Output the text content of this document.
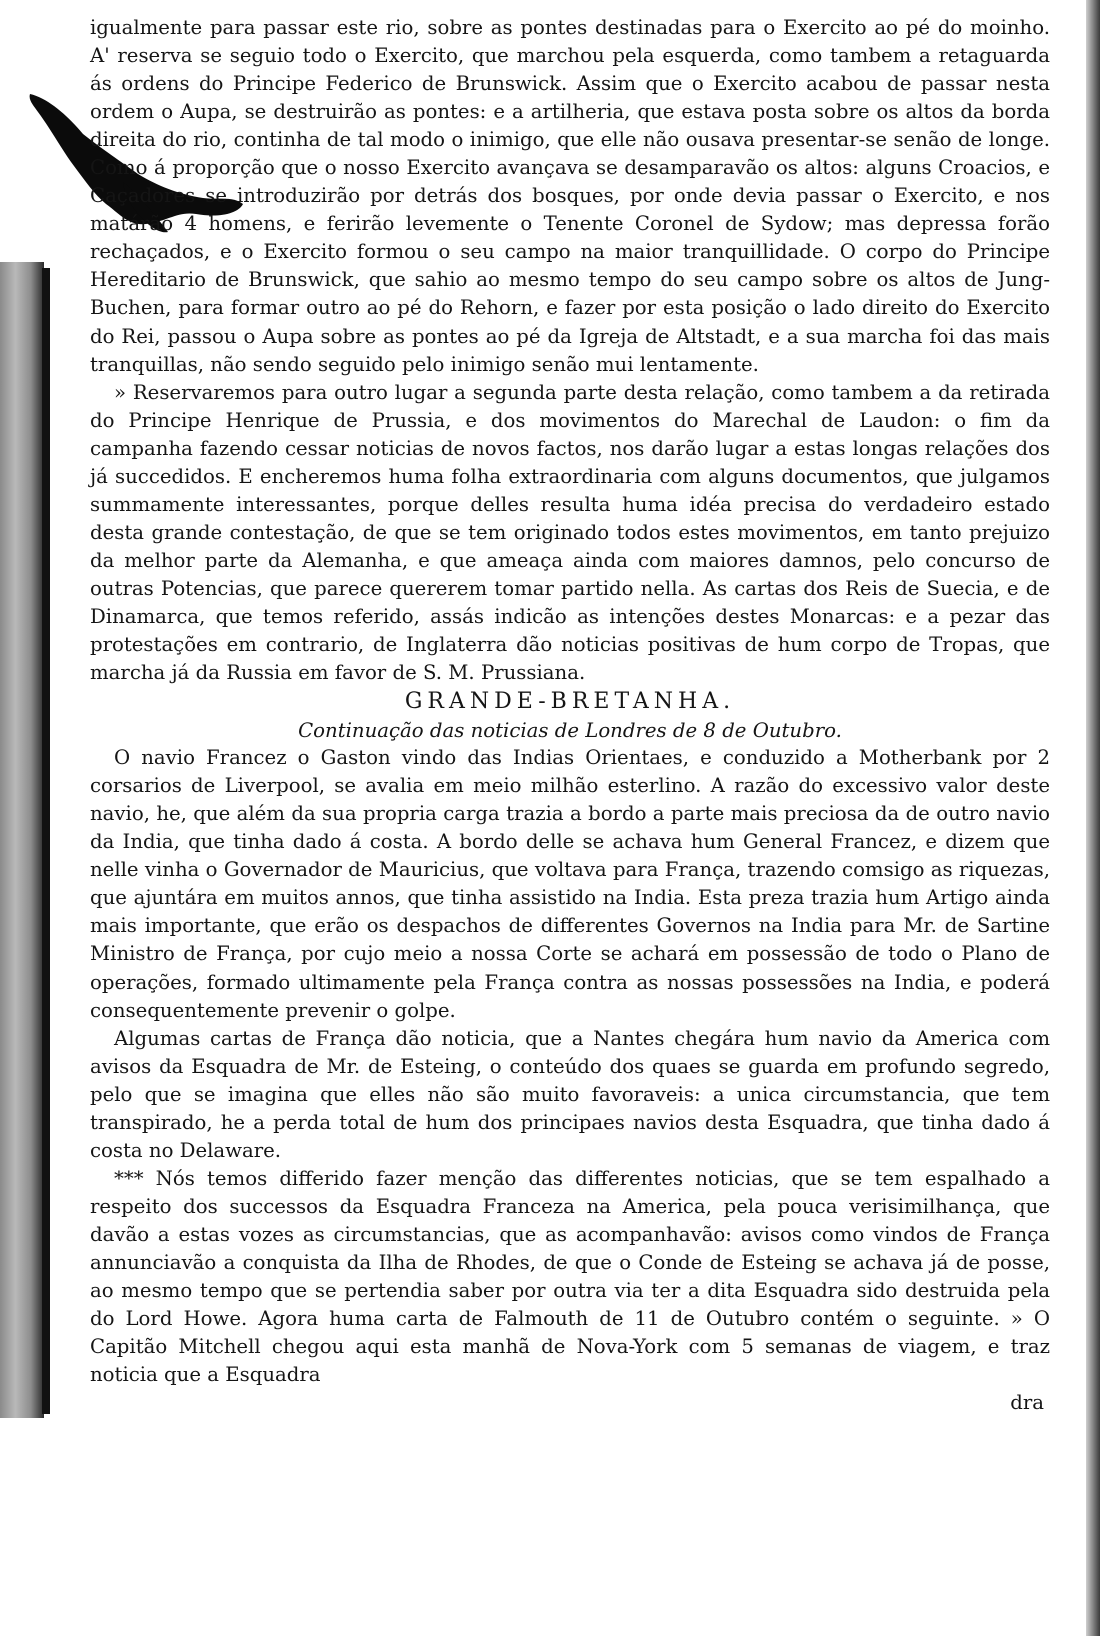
igualmente para passar este rio, sobre as pontes destinadas para o Exercito ao pé do moinho. A' reserva se seguio todo o Exercito, que marchou pela esquerda, como tambem a retaguarda ás ordens do Principe Federico de Brunswick. Assim que o Exercito acabou de passar nesta ordem o Aupa, se destruirão as pontes: e a artilheria, que estava posta sobre os altos da borda direita do rio, continha de tal modo o inimigo, que elle não ousava presentar-se senão de longe. Como á proporção que o nosso Exercito avançava se desamparavão os altos: alguns Croacios, e Caçadores se introduzirão por detrás dos bosques, por onde devia passar o Exercito, e nos matárão 4 homens, e ferirão levemente o Tenente Coronel de Sydow; mas depressa forão rechaçados, e o Exercito formou o seu campo na maior tranquillidade. O corpo do Principe Hereditario de Brunswick, que sahio ao mesmo tempo do seu campo sobre os altos de Jung-Buchen, para formar outro ao pé do Rehorn, e fazer por esta posição o lado direito do Exercito do Rei, passou o Aupa sobre as pontes ao pé da Igreja de Altstadt, e a sua marcha foi das mais tranquillas, não sendo seguido pelo inimigo senão mui lentamente.

» Reservaremos para outro lugar a segunda parte desta relação, como tambem a da retirada do Principe Henrique de Prussia, e dos movimentos do Marechal de Laudon: o fim da campanha fazendo cessar noticias de novos factos, nos darão lugar a estas longas relações dos já succedidos. E encheremos huma folha extraordinaria com alguns documentos, que julgamos summamente interessantes, porque delles resulta huma idéa precisa do verdadeiro estado desta grande contestação, de que se tem originado todos estes movimentos, em tanto prejuizo da melhor parte da Alemanha, e que ameaça ainda com maiores damnos, pelo concurso de outras Potencias, que parece quererem tomar partido nella. As cartas dos Reis de Suecia, e de Dinamarca, que temos referido, assás indicão as intenções destes Monarcas: e a pezar das protestações em contrario, de Inglaterra dão noticias positivas de hum corpo de Tropas, que marcha já da Russia em favor de S. M. Prussiana.

GRANDE-BRETANHA.

Continuação das noticias de Londres de 8 de Outubro.

O navio Francez o Gaston vindo das Indias Orientaes, e conduzido a Motherbank por 2 corsarios de Liverpool, se avalia em meio milhão esterlino. A razão do excessivo valor deste navio, he, que além da sua propria carga trazia a bordo a parte mais preciosa da de outro navio da India, que tinha dado á costa. A bordo delle se achava hum General Francez, e dizem que nelle vinha o Governador de Mauricius, que voltava para França, trazendo comsigo as riquezas, que ajuntára em muitos annos, que tinha assistido na India. Esta preza trazia hum Artigo ainda mais importante, que erão os despachos de differentes Governos na India para Mr. de Sartine Ministro de França, por cujo meio a nossa Corte se achará em possessão de todo o Plano de operações, formado ultimamente pela França contra as nossas possessões na India, e poderá consequentemente prevenir o golpe.

Algumas cartas de França dão noticia, que a Nantes chegára hum navio da America com avisos da Esquadra de Mr. de Esteing, o conteúdo dos quaes se guarda em profundo segredo, pelo que se imagina que elles não são muito favoraveis: a unica circumstancia, que tem transpirado, he a perda total de hum dos principaes navios desta Esquadra, que tinha dado á costa no Delaware.

*** Nós temos differido fazer menção das differentes noticias, que se tem espalhado a respeito dos successos da Esquadra Franceza na America, pela pouca verisimilhança, que davão a estas vozes as circumstancias, que as acompanhavão: avisos como vindos de França annunciavão a conquista da Ilha de Rhodes, de que o Conde de Esteing se achava já de posse, ao mesmo tempo que se pertendia saber por outra via ter a dita Esquadra sido destruida pela do Lord Howe. Agora huma carta de Falmouth de 11 de Outubro contém o seguinte. » O Capitão Mitchell chegou aqui esta manhã de Nova-York com 5 semanas de viagem, e traz noticia que a Esquadra

dra
